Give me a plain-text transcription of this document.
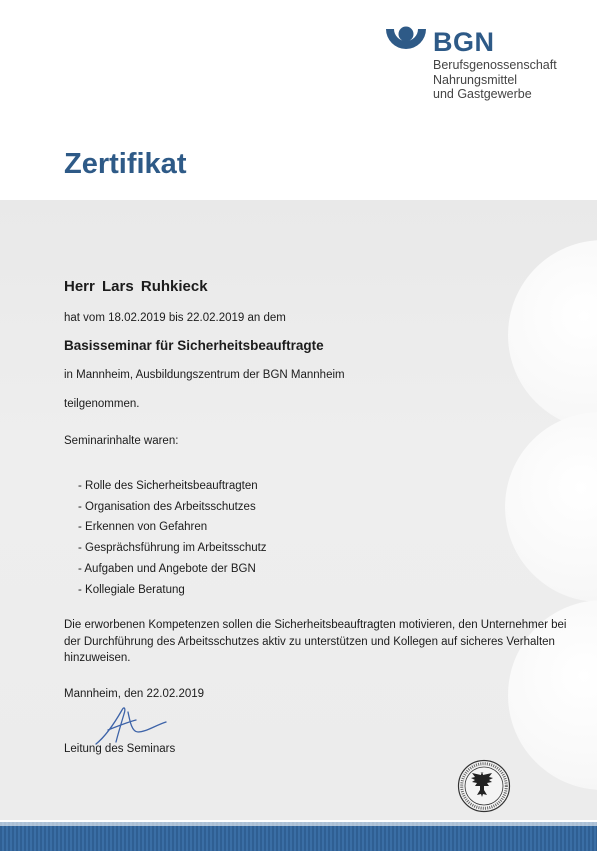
BGN
Berufsgenossenschaft
Nahrungsmittel
und Gastgewerbe
Zertifikat
Herr Lars Ruhkieck
hat vom 18.02.2019 bis 22.02.2019 an dem
Basisseminar für Sicherheitsbeauftragte
in Mannheim, Ausbildungszentrum der BGN Mannheim
teilgenommen.
Seminarinhalte waren:
- Rolle des Sicherheitsbeauftragten
- Organisation des Arbeitsschutzes
- Erkennen von Gefahren
- Gesprächsführung im Arbeitsschutz
- Aufgaben und Angebote der BGN
- Kollegiale Beratung
Die erworbenen Kompetenzen sollen die Sicherheitsbeauftragten motivieren, den Unternehmer bei der Durchführung des Arbeitsschutzes aktiv zu unterstützen und Kollegen auf sicheres Verhalten hinzuweisen.
Mannheim, den 22.02.2019
Leitung des Seminars
